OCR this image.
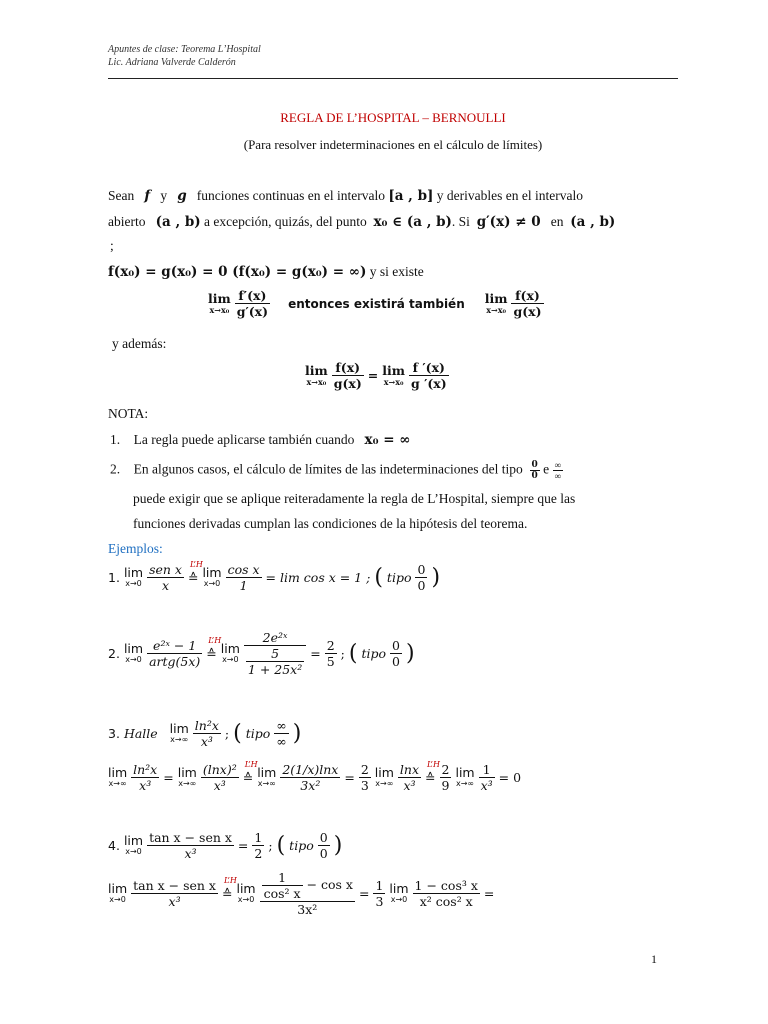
Apuntes de clase: Teorema L’Hospital
Lic. Adriana Valverde Calderón
REGLA DE L’HOSPITAL – BERNOULLI
(Para resolver indeterminaciones en el cálculo de límites)
Sean f y g funciones continuas en el intervalo [a , b] y derivables en el intervalo
abierto (a , b) a excepción, quizás, del punto x₀ ∈ (a , b). Si g′(x) ≠ 0 en (a , b)
;
f(x₀) = g(x₀) = 0 (f(x₀) = g(x₀) = ∞) y si existe
lim
$x\to x_0 \frac{f'(x)}{g'(x)}$ entonces existirá también lim
$x\to x_0 \frac{f(x)}{g(x)}$
y además:
lim
$x\to x_0 \frac{f(x)}{g(x)} = \lim$
$x\to x_0 \frac{f '(x)}{g '(x)}$
NOTA:
1. La regla puede aplicarse también cuando x₀ = ∞
2. En algunos casos, el cálculo de límites de las indeterminaciones del tipo $\frac{0}{0}$ e $\frac{\infty}{\infty}$
puede exigir que se aplique reiteradamente la regla de L’Hospital, siempre que las
funciones derivadas cumplan las condiciones de la hipótesis del teorema.
Ejemplos:
1. lim
$x\to 0 \frac{\text{sen x}}{x}$ L’H
≙ lim
$x\to 0 \frac{\text{cos x}}{1} = \lim \cos x = 1$ ; ( tipo $\frac{0}{0}$ )
2. lim
$x\to 0 \frac{\text{e²ˣ − 1}}{\text{artg(5x)}}$ L’H
≙ lim
$x\to 0 \frac{\text{2e²ˣ}}{\frac{5}{\text{1 + 25x²}}} = \frac{2}{5}$ ; ( tipo $\frac{0}{0}$ )
3. Halle
lim
$x\to\infty \frac{\text{ln²x}}{\text{x³}}$ ; ( tipo $\frac{\infty}{\infty}$ )
lim
$x\to\infty \frac{\text{ln²x}}{\text{x³}} = \lim$
$x\to\infty \frac{\text{(lnx)²}}{\text{x³}}$ L’H
≙ lim
$x\to\infty \frac{2(1/x)\ln x}{\text{3x²}} = \frac{2}{3}$ lim
$x\to\infty \frac{\ln x}{\text{x³}}$ L’H
≙ $\frac{2}{9}$ lim
$x\to\infty \frac{1}{\text{x³}} = 0$
4. lim
$x\to 0 \frac{\text{tan x − sen x}}{\text{x³}} = \frac{1}{2}$ ; ( tipo $\frac{0}{0}$ )
lim
$x\to 0 \frac{\text{tan x − sen x}}{\text{x³}}$ L’H
≙ lim
$x\to 0 \frac{\frac{1}{\text{cos² x}} - \cos x}{\text{3x²}} = \frac{1}{3}$ lim
$x\to 0 \frac{\text{1 − cos³ x}}{\text{x² cos² x}}$ =
1
